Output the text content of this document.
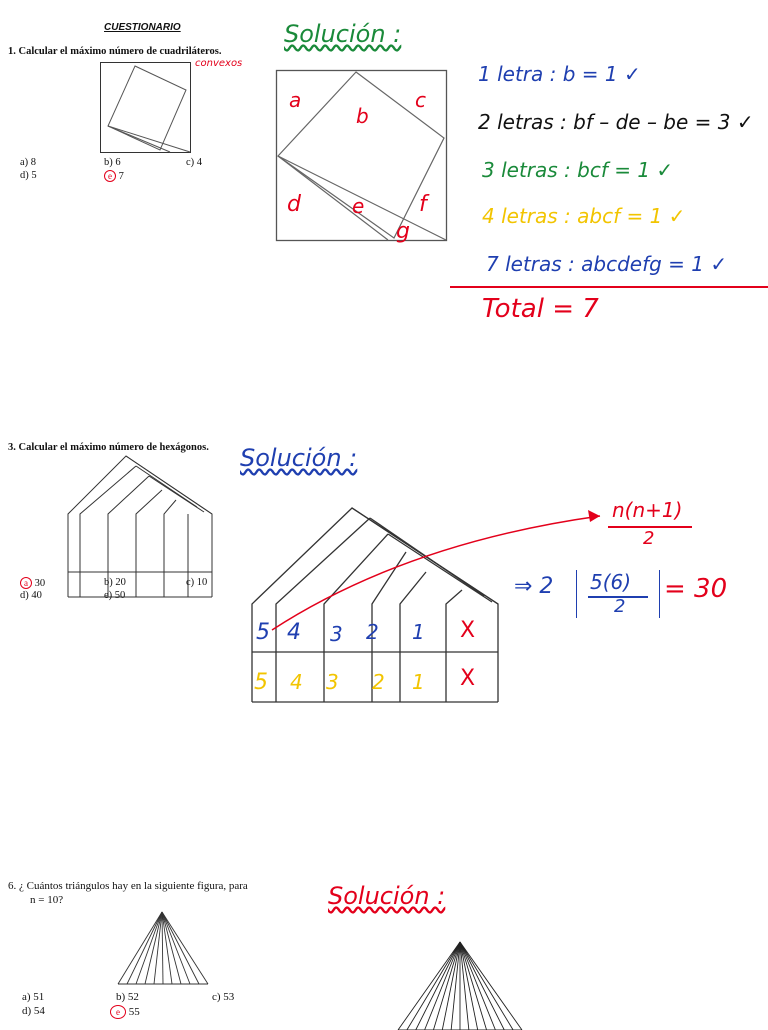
CUESTIONARIO
1. Calcular el máximo número de cuadriláteros.
convexos
a) 8	b) 6	c) 4
d) 5	e 7
Solución :
a
b
c
d	e f
g
1 letra : b = 1 ✓
2 letras : bf – de – be = 3 ✓
3 letras : bcf = 1 ✓
4 letras : abcf = 1 ✓
7 letras : abcdefg = 1 ✓
Total = 7
3. Calcular el máximo número de hexágonos.
a 30	b) 20	c) 10
d) 40	e) 50
Solución :
n(n+1)
2
⇒ 2 5(6)
2
= 30
5 4 3 2 1 X
5 4 3 2 1 X
6. ¿ Cuántos triángulos hay en la siguiente figura, para
n = 10?
a) 51	b) 52	c) 53
d) 54	e 55
Solución :
